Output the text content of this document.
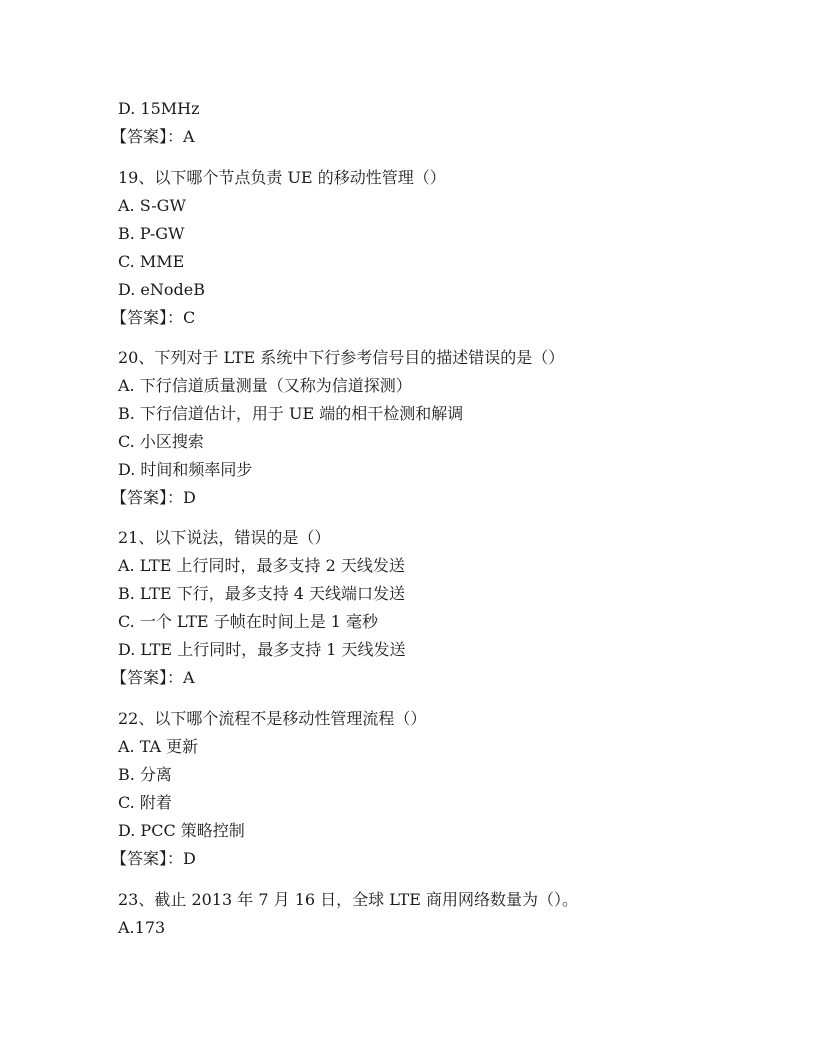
D. 15MHz
【答案】：A
19、以下哪个节点负责 UE 的移动性管理（）
A. S-GW
B. P-GW
C. MME
D. eNodeB
【答案】：C
20、下列对于 LTE 系统中下行参考信号目的描述错误的是（）
A. 下行信道质量测量（又称为信道探测）
B. 下行信道估计，用于 UE 端的相干检测和解调
C. 小区搜索
D. 时间和频率同步
【答案】：D
21、以下说法，错误的是（）
A. LTE 上行同时，最多支持 2 天线发送
B. LTE 下行，最多支持 4 天线端口发送
C. 一个 LTE 子帧在时间上是 1 毫秒
D. LTE 上行同时，最多支持 1 天线发送
【答案】：A
22、以下哪个流程不是移动性管理流程（）
A. TA 更新
B. 分离
C. 附着
D. PCC 策略控制
【答案】：D
23、截止 2013 年 7 月 16 日，全球 LTE 商用网络数量为（）。
A.173
